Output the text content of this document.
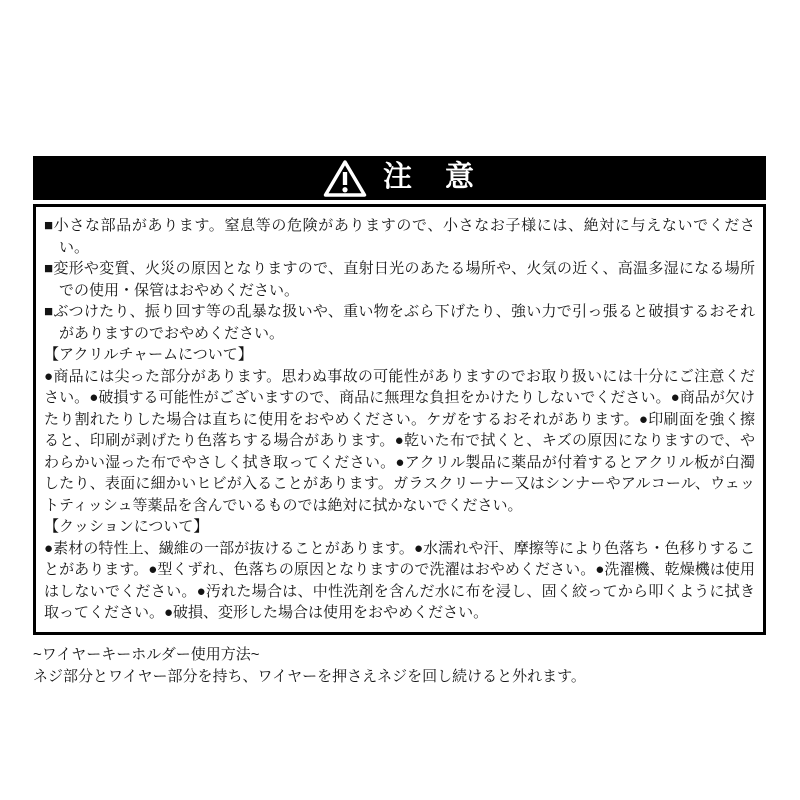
注　意

■小さな部品があります。窒息等の危険がありますので、小さなお子様には、絶対に与えないでください。

■変形や変質、火災の原因となりますので、直射日光のあたる場所や、火気の近く、高温多湿になる場所での使用・保管はおやめください。

■ぶつけたり、振り回す等の乱暴な扱いや、重い物をぶら下げたり、強い力で引っ張ると破損するおそれがありますのでおやめください。

【アクリルチャームについて】

●商品には尖った部分があります。思わぬ事故の可能性がありますのでお取り扱いには十分にご注意ください。●破損する可能性がございますので、商品に無理な負担をかけたりしないでください。●商品が欠けたり割れたりした場合は直ちに使用をおやめください。ケガをするおそれがあります。●印刷面を強く擦ると、印刷が剥げたり色落ちする場合があります。●乾いた布で拭くと、キズの原因になりますので、やわらかい湿った布でやさしく拭き取ってください。●アクリル製品に薬品が付着するとアクリル板が白濁したり、表面に細かいヒビが入ることがあります。ガラスクリーナー又はシンナーやアルコール、ウェットティッシュ等薬品を含んでいるものでは絶対に拭かないでください。

【クッションについて】

●素材の特性上、繊維の一部が抜けることがあります。●水濡れや汗、摩擦等により色落ち・色移りすることがあります。●型くずれ、色落ちの原因となりますので洗濯はおやめください。●洗濯機、乾燥機は使用はしないでください。●汚れた場合は、中性洗剤を含んだ水に布を浸し、固く絞ってから叩くように拭き取ってください。●破損、変形した場合は使用をおやめください。

~ワイヤーキーホルダー使用方法~

ネジ部分とワイヤー部分を持ち、ワイヤーを押さえネジを回し続けると外れます。
